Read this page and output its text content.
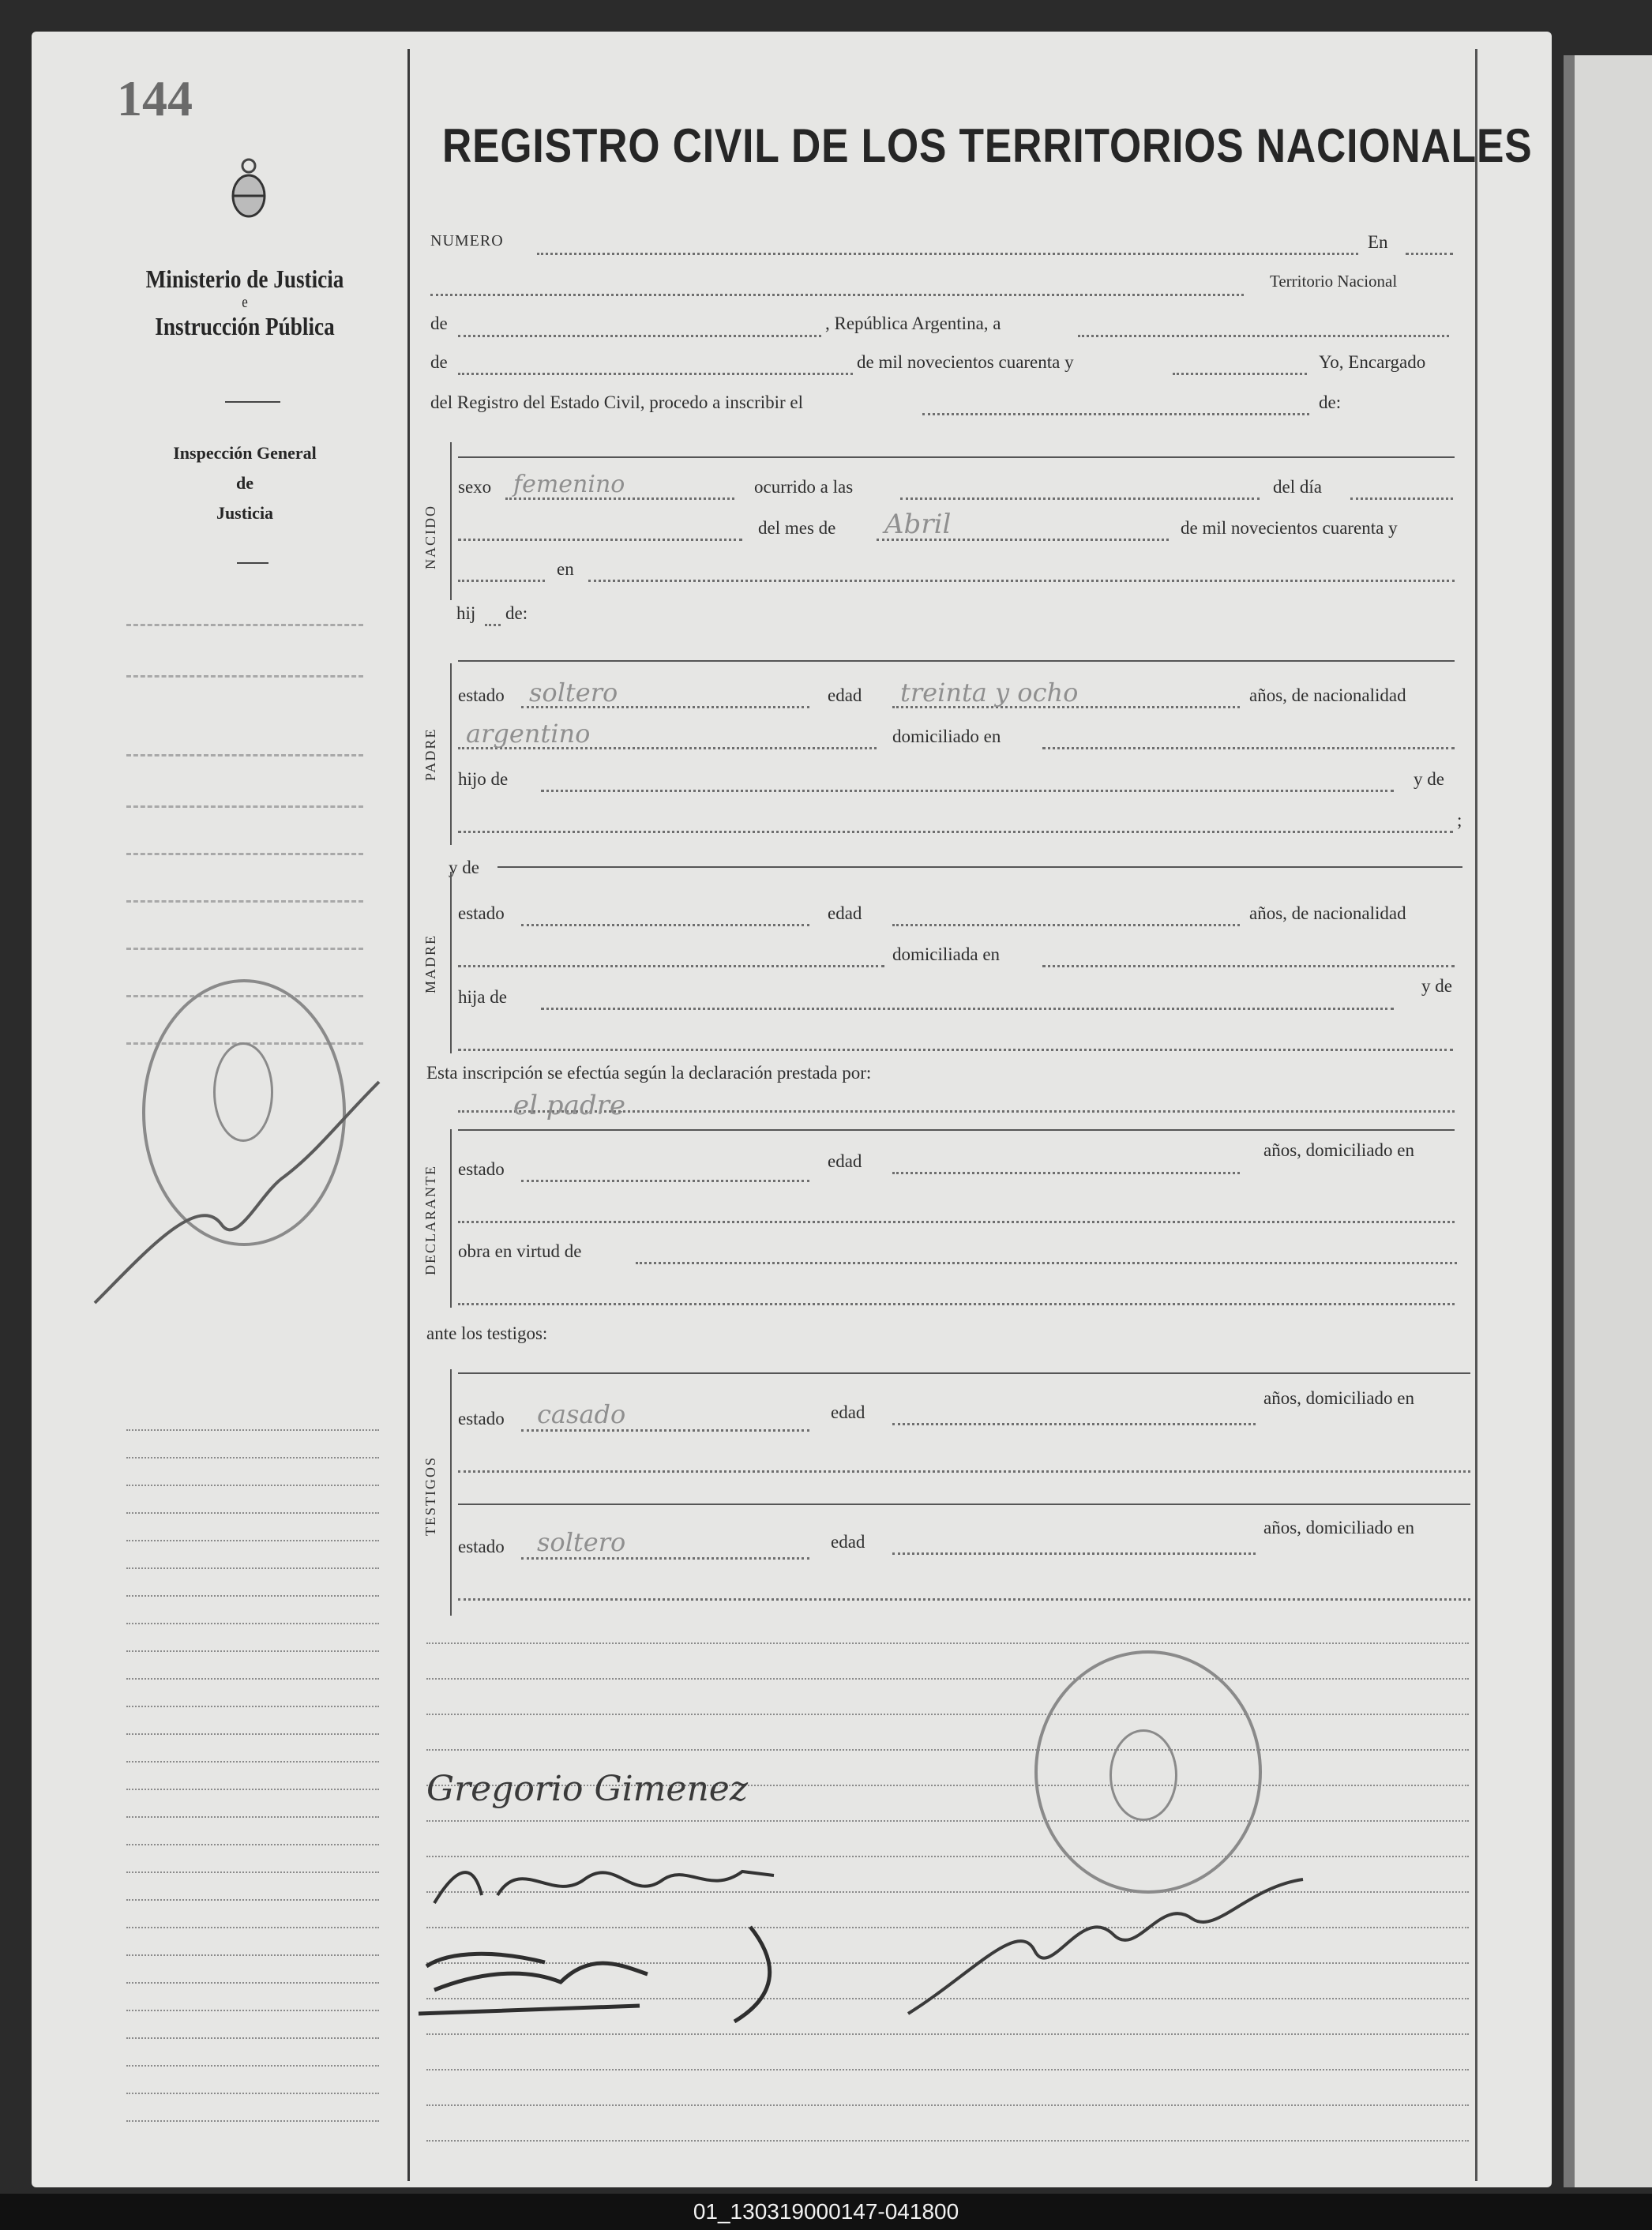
144
REGISTRO CIVIL DE LOS TERRITORIOS NACIONALES
Ministerio de Justicia
e
Instrucción Pública
Inspección General
de
Justicia
NUMERO	En
Territorio Nacional
de	, República Argentina, a
de	de mil novecientos cuarenta y	Yo, Encargado
del Registro del Estado Civil, procedo a inscribir el	de:
NACIDO
sexo femenino	ocurrido a las	del día
del mes de Abril	de mil novecientos cuarenta y
en
hij de:
PADRE
estado soltero	edad treinta y ocho	años, de nacionalidad
argentino	domiciliado en
hijo de	y de
;
y de
MADRE
estado	edad	años, de nacionalidad
domiciliada en
hija de
y de
Esta inscripción se efectúa según la declaración prestada por:
el padre
DECLARANTE	estado	edad
años, domiciliado en
obra en virtud de
ante los testigos:
TESTIGOS
estado casado	edad
años, domiciliado en
estado soltero	edad
años, domiciliado en
Gregorio Gimenez
01_130319000147-041800
